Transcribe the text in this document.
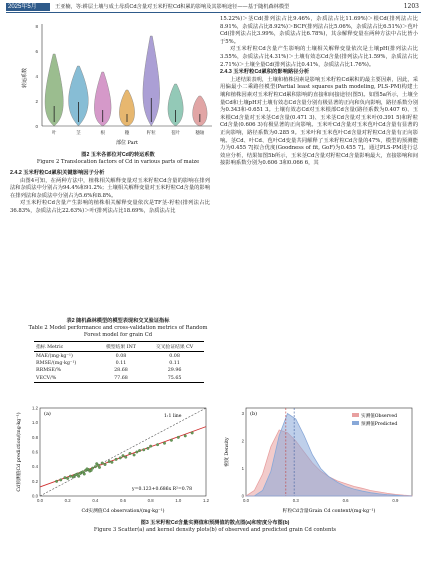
2025年5月	王亚楠，等:耕层土壤与成土母质Cd含量对玉米籽粒Cd积累的影响及其影响途径——基于随机森林模型	1203
0
2
4
6
8
转运系数
叶	茎	根	穗	籽粒	苞叶	穗轴
部位 Part
图2 玉米各部位对Cd的转运系数
Figure 2 Translocation factors of Cd in various parts of maize

2.4.2 玉米籽粒Cd累积关键影响因子分析

由图4可知，在两种方法中，植株相关解释变量对玉米籽粒Cd含量的影响在排列法和杂质法中分别占为94.4%和91.2%；土壤相关解释变量对玉米籽粒Cd含量的影响在排列法和杂质法中分别占为5.6%和8.8%。

对玉米籽粒Cd含量产生影响的植株相关解释变量依次是TF茎-籽粒(排列法占比36.83%，杂质法占比22.63%)＞叶(排列法占比18.69%，杂质法占比

表2 随机森林模型的模型表现和交叉验证指标
Table 2 Model performance and cross-validation metrics of Random Forest model for grain Cd
指标 Metric	模型结果 INT	交叉验证结果 CV
MAE/(mg·kg⁻¹)	0.08	0.08
RMSE/(mg·kg⁻¹)	0.11	0.11
RRMSE/%	28.68	29.96
VECV/%	77.68	75.65

15.22%)＞茎Cd(排列法占比9.46%，杂质法占比11.69%)＞根Cd(排列法占比8.91%，杂质法占比8.92%)＞BCF(排列法占比5.06%，杂质法占比6.51%)＞苞叶Cd(排列法占比3.99%，杂质法占比6.78%)，其余解释变量在两种方法中占比皆小于5%。

对玉米籽粒Cd含量产生影响的土壤相关解释变量依次是土壤pH(排列法占比3.55%，杂质法占比4.31%)＞土壤有效态Cd含量(排列法占比1.59%，杂质法占比2.71%)＞土壤全量Cd(排列法占比0.41%，杂质法占比1.76%)。

2.4.3 玉米籽粒Cd累积的影响路径分析

上述结果表明，土壤和植株因素是影响玉米籽粒Cd累积的最主要因素，因此，采用偏最小二乘路径模型(Partial least squares path modeling, PLS-PM)构建土壤和植株因素对玉米籽粒Cd累积影响的直接和间接途径(图5)。如图5a所示，土壤全量Cd和土壤pH对土壤有效态Cd含量分别有极显著的正向和负向影响，路径系数分别为0.343和-0.651 3。土壤有效态Cd对玉米根部Cd含量(路径系数为0.407 6)、玉米根Cd含量对玉米茎Cd含量(0.471 3)、玉米茎Cd含量对玉米叶(0.391 5)和籽粒Cd含量(0.606 3)有极显著的正向影响。玉米叶Cd含量对玉米苞叶Cd含量有显著的正向影响，路径系数为0.285 9。玉米叶和玉米苞叶Cd含量对籽粒Cd含量有正向影响。茎Cd、叶Cd、苞叶Cd变量共同解释了玉米籽粒Cd含量的47%，模型的预测能力为0.455 7[拟合优度(Goodness of fit, GoF)为0.455 7]。通过PLS-PM进行总效应分析，结果如图5b所示，玉米茎Cd含量对籽粒Cd含量影响最大，直接影响和间接影响系数分别为0.606 3和0.066 6，其

(a)	1:1 line
y=0.123+0.686x R²=0.78
0.0	0.2	0.4	0.6	0.8	1.0	1.2
0.0
0.2
0.4
0.6
0.8
1.0
1.2
Cd实测值Cd observation/(mg·kg⁻¹)
Cd预测值Cd prediction/(mg·kg⁻¹)	(b)
0.0	0.3	0.6	0.9
0
1
2
3
实测值Observed
预测值Predicted
籽粒Cd含量Grain Cd content/(mg·kg⁻¹)
密度 Density
图3 玉米籽粒Cd含量实测值和预测值的散点图(a)和密度分布图(b)
Figure 3 Scatter(a) and kernel density plots(b) of observed and predicted grain Cd contents
